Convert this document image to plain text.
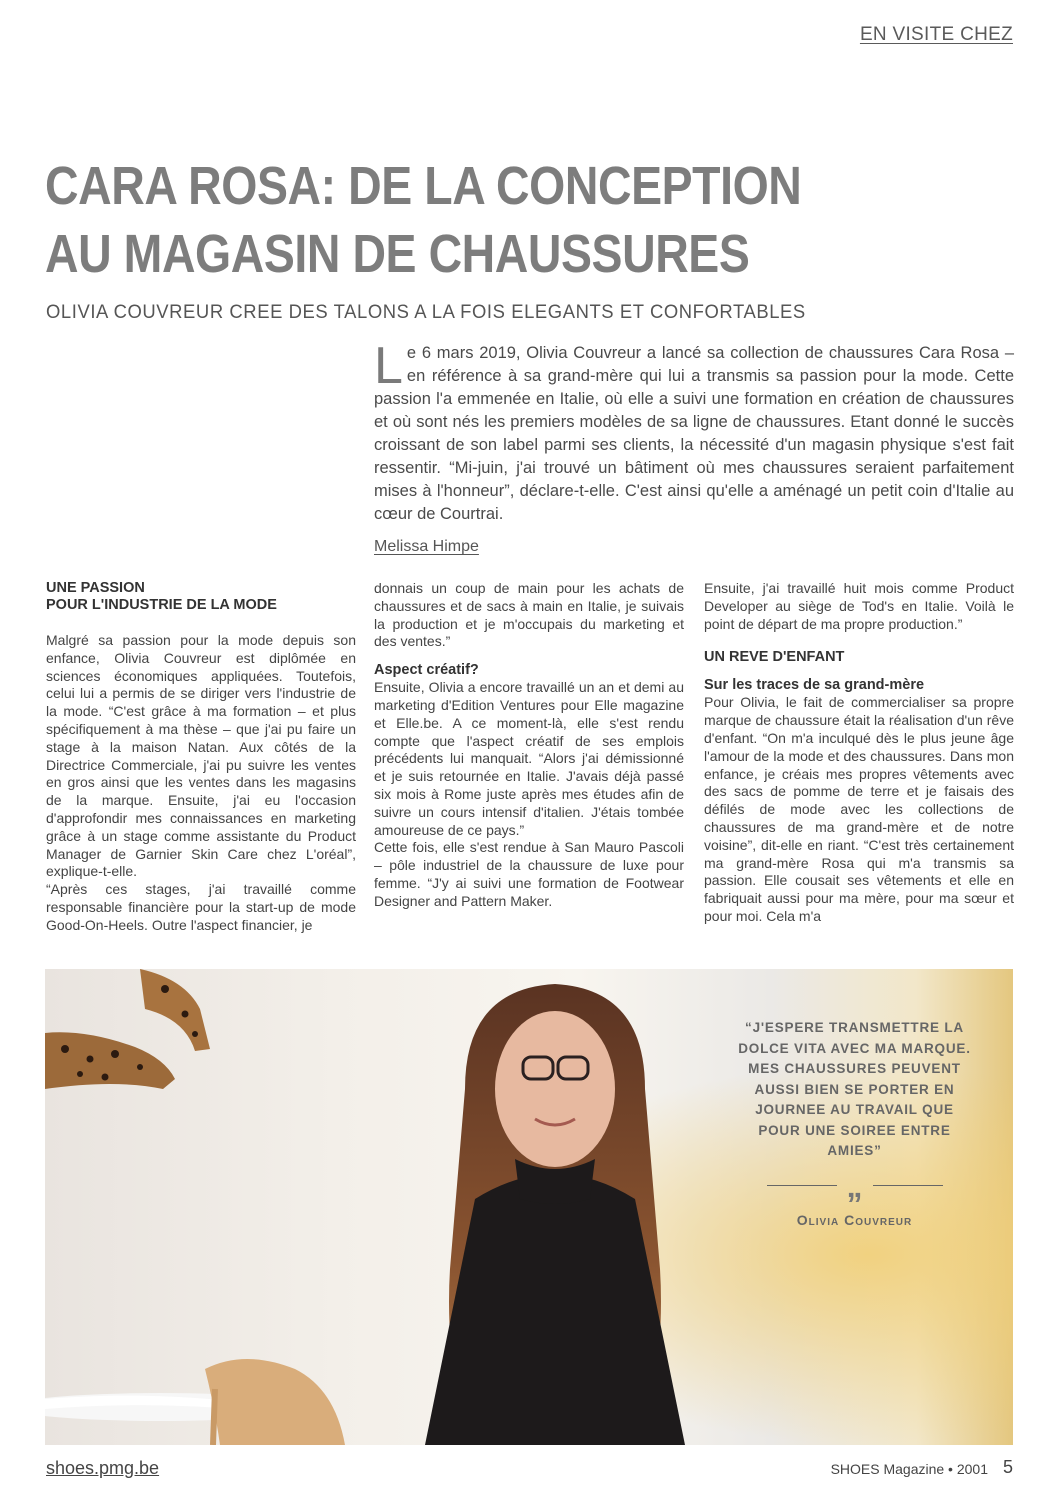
EN VISITE CHEZ
CARA ROSA: DE LA CONCEPTION
AU MAGASIN DE CHAUSSURES
OLIVIA COUVREUR CREE DES TALONS A LA FOIS ELEGANTS ET CONFORTABLES
Le 6 mars 2019, Olivia Couvreur a lancé sa collection de chaussures Cara Rosa – en référence à sa grand-mère qui lui a transmis sa passion pour la mode. Cette passion l'a emmenée en Italie, où elle a suivi une formation en création de chaussures et où sont nés les premiers modèles de sa ligne de chaussures. Etant donné le succès croissant de son label parmi ses clients, la nécessité d'un magasin physique s'est fait ressentir. “Mi-juin, j'ai trouvé un bâtiment où mes chaussures seraient parfaitement mises à l'honneur”, déclare-t-elle. C'est ainsi qu'elle a aménagé un petit coin d'Italie au cœur de Courtrai.
Melissa Himpe
UNE PASSION
POUR L'INDUSTRIE DE LA MODE

Malgré sa passion pour la mode depuis son enfance, Olivia Couvreur est diplômée en sciences économiques appliquées. Toutefois, celui lui a permis de se diriger vers l'industrie de la mode. “C'est grâce à ma formation – et plus spécifiquement à ma thèse – que j'ai pu faire un stage à la maison Natan. Aux côtés de la Directrice Commerciale, j'ai pu suivre les ventes en gros ainsi que les ventes dans les magasins de la marque. Ensuite, j'ai eu l'occasion d'approfondir mes connaissances en marketing grâce à un stage comme assistante du Product Manager de Garnier Skin Care chez L'oréal”, explique-t-elle.

“Après ces stages, j'ai travaillé comme responsable financière pour la start-up de mode Good-On-Heels. Outre l'aspect financier, je

donnais un coup de main pour les achats de chaussures et de sacs à main en Italie, je suivais la production et je m'occupais du marketing et des ventes.”

Aspect créatif?

Ensuite, Olivia a encore travaillé un an et demi au marketing d'Edition Ventures pour Elle magazine et Elle.be. A ce moment-là, elle s'est rendu compte que l'aspect créatif de ses emplois précédents lui manquait. “Alors j'ai démissionné et je suis retournée en Italie. J'avais déjà passé six mois à Rome juste après mes études afin de suivre un cours intensif d'italien. J'étais tombée amoureuse de ce pays.”

Cette fois, elle s'est rendue à San Mauro Pascoli – pôle industriel de la chaussure de luxe pour femme. “J'y ai suivi une formation de Footwear Designer and Pattern Maker.

Ensuite, j'ai travaillé huit mois comme Product Developer au siège de Tod's en Italie. Voilà le point de départ de ma propre production.”

UN REVE D'ENFANT
Sur les traces de sa grand-mère

Pour Olivia, le fait de commercialiser sa propre marque de chaussure était la réalisation d'un rêve d'enfant. “On m'a inculqué dès le plus jeune âge l'amour de la mode et des chaussures. Dans mon enfance, je créais mes propres vêtements avec des sacs de pomme de terre et je faisais des défilés de mode avec les collections de chaussures de ma grand-mère et de notre voisine”, dit-elle en riant. “C'est très certainement ma grand-mère Rosa qui m'a transmis sa passion. Elle cousait ses vêtements et elle en fabriquait aussi pour ma mère, pour ma sœur et pour moi. Cela m'a

“J'ESPERE TRANSMETTRE LA DOLCE VITA AVEC MA MARQUE. MES CHAUSSURES PEUVENT AUSSI BIEN SE PORTER EN JOURNEE AU TRAVAIL QUE POUR UNE SOIREE ENTRE AMIES”
„
Olivia Couvreur
shoes.pmg.be	SHOES Magazine • 2001 5
